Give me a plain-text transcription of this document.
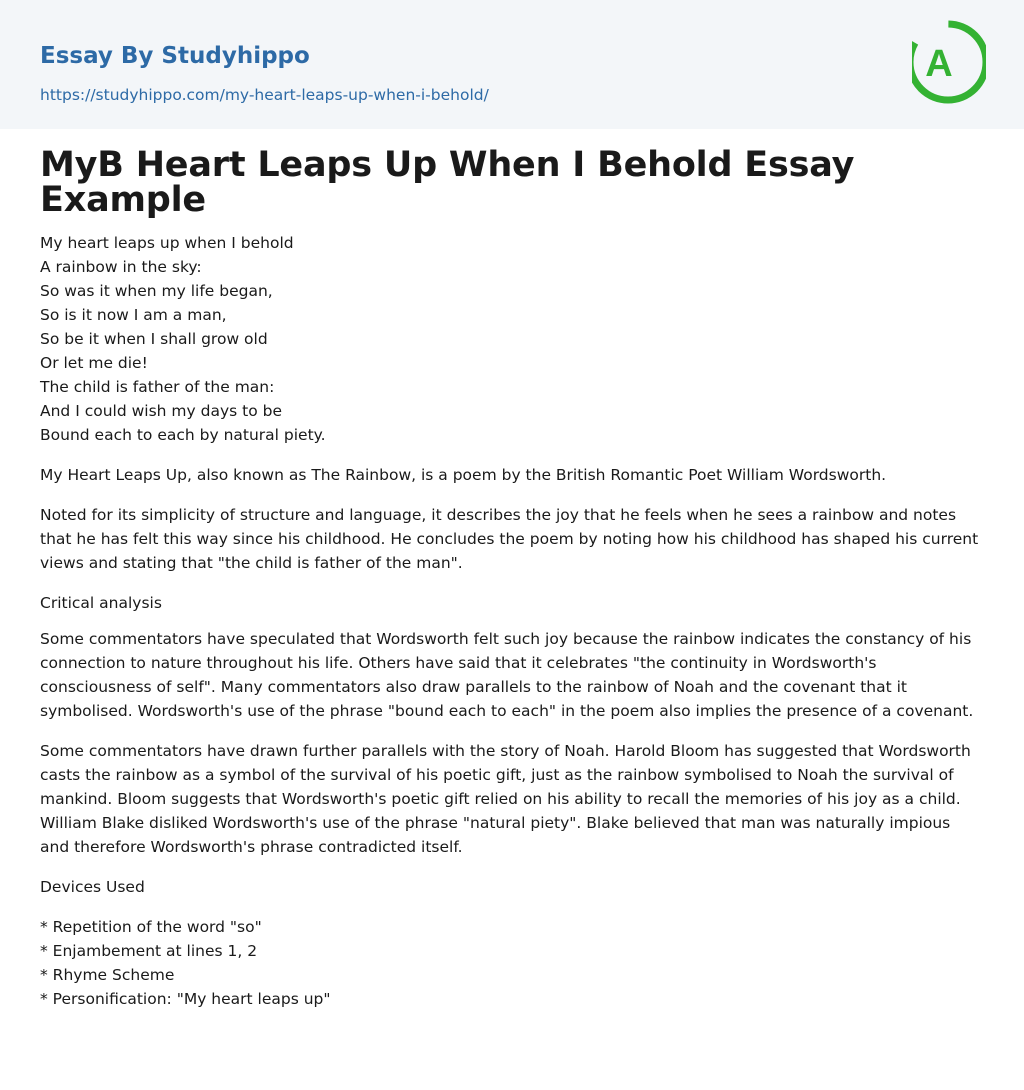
Essay By Studyhippo
https://studyhippo.com/my-heart-leaps-up-when-i-behold/
A
MyB Heart Leaps Up When I Behold Essay Example
My heart leaps up when I behold
A rainbow in the sky:
So was it when my life began,
So is it now I am a man,
So be it when I shall grow old
Or let me die!
The child is father of the man:
And I could wish my days to be
Bound each to each by natural piety.

My Heart Leaps Up, also known as The Rainbow, is a poem by the British Romantic Poet William Wordsworth.

Noted for its simplicity of structure and language, it describes the joy that he feels when he sees a rainbow and notes that he has felt this way since his childhood. He concludes the poem by noting how his childhood has shaped his current views and stating that "the child is father of the man".

Critical analysis

Some commentators have speculated that Wordsworth felt such joy because the rainbow indicates the constancy of his connection to nature throughout his life. Others have said that it celebrates "the continuity in Wordsworth's consciousness of self". Many commentators also draw parallels to the rainbow of Noah and the covenant that it symbolised. Wordsworth's use of the phrase "bound each to each" in the poem also implies the presence of a covenant.

Some commentators have drawn further parallels with the story of Noah. Harold Bloom has suggested that Wordsworth casts the rainbow as a symbol of the survival of his poetic gift, just as the rainbow symbolised to Noah the survival of mankind. Bloom suggests that Wordsworth's poetic gift relied on his ability to recall the memories of his joy as a child. William Blake disliked Wordsworth's use of the phrase "natural piety". Blake believed that man was naturally impious and therefore Wordsworth's phrase contradicted itself.

Devices Used

* Repetition of the word "so"
* Enjambement at lines 1, 2
* Rhyme Scheme
* Personification: "My heart leaps up"
